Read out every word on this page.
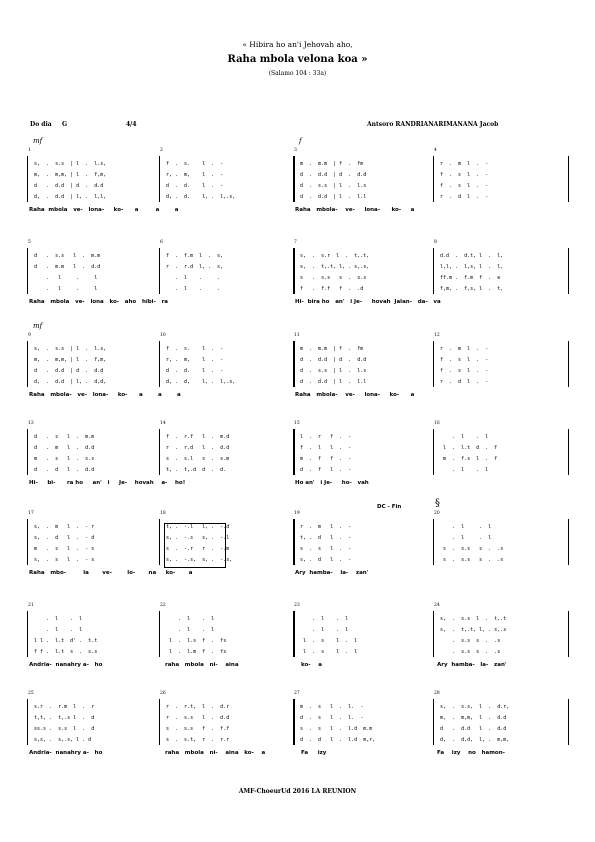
« Hibira ho an'i Jehovah aho,
Raha mbola velona koa »
(Salamo 104 : 33a)
Do dia G	4/4	Antsoro RANDRIANARIMANANA Jacob
1
mf
s,  .  s.s  | l  .  l.s,
m,  .  m,m, | l  .  f,m,
d   .  d.d  | d  .  d.d
d,  .  d.d  | l, .  l,l,
2
f  .  s.    l  .  -
r, .  m,    l  .  -
d  .  d.    l  .  -
d, .  d.    l, .  l,.s,
3
f
m  .  m.m  | f  .  fm
d  .  d.d  | d  .  d.d
d  .  s.s  | l  .  l.s
d  .  d.d  | l  .  l.l
4
r  .  m  l  .  -
f  .  s  l  .  -
f  .  s  l  .  -
r  .  d  l  .  -
Raha  mbola   ve-   lona-     ko-      a         a        a	Raha   mbola-    ve-     lona-      ko-     a
5
d   .  s.s   l  .  m.m
d   .  m.m   l  .  d.d
.   l     .     l
.   l     .     l
6
f  .  f.m  l  .  s,
r  .  r.d  l, .  s,
.  l    .     .
.  l    .     .
7
s,  .  s.r  l  .  t,.t,
s,  .  t,.t, l, . s,.s,
s   .  s.s   s  .  s.s
f   .  f.f   f  .  .d
8
d.d  .  d.t, l  .  l,
l,l, .  l,s, l  .  l,
ff.m .  f.m  f  .  e
f,m, .  f,s, l  .  t,
Raha   mbola   ve-   lona   ko-   aho   hibi-   ra	Hi-  bira ho   an'   i Je-     hovah  Jalan-   da-   va
9
mf
s,  .  s.s  | l  .  l.s,
m,  .  m,m, | l  .  f,m,
d   .  d.d  | d  .  d.d
d,  .  d.d  | l, .  d,d,
10
f  .  s.    l  .  -
r, .  m,    l  .  -
d  .  d.    l  .  -
d, .  d,    l, .  l,.s,
11
m  .  m.m  | f  .  fm
d  .  d.d  | d  .  d.d
d  .  s.s  | l  .  l.s
d  .  d.d  | l  .  l.l
12
r  .  m  l  .  -
f  .  s  l  .  -
f  .  s  l  .  -
r  .  d  l  .  -
Raha   mbola-   ve-   lona-     ko-      a        a        a	Raha   mbola-    ve-     lona-     ko-      a
13
d   .  s   l  .  m.m
d   .  m   l  .  d.d
m   .  s   l  .  s.s
d   .  d   l  .  d.d
14
f  .  r.f   l  .  m.d
r  .  r.d   l  .  d.d
s  .  s.l   s  .  s.m
t, .  t,.d  d  .  d.
15
l  .  r   f  .  -
f  .  l   l  .  -
m  .  f   f  .  -
d  .  f   l  .  -
16
.  l    .  l
l  .  l.t  d  .  f
m  .  f.s  l  .  f
.  l    .  l
Hi-     bi-      ra ho     an'   i     Je-    hovah    a-    ho!	Ho an'   i Je-     ho-   vah
DC - Fin
17
s,  .  m   l  .  - r
s,  .  d   l  .  - d
m   .  s   l  .  - s
s,  .  s   l  .  - s
18
t, .  -.l   l, .  -.d
s, .  -.s   s, .  -.l
s  .  -.r   r  .  -.m
s, .  -.s,  s, .  -.s,
19
r  .  m   l  .  -
t, .  d   l  .  -
s  .  s   l  .  -
s, .  d   l  .  -
20
§
.  l     .  l
.  l     .  l
s  .  s.s   s  .  .s
s  .  s.s   s  .  .s
Raha   mbo-         la       ve-        lo-       na     ko-       a	Ary  hamba-    la-    zan'
21
.  l    .  l
.  l    .  l
l l .  l.t  d' .  t.t
f f .  l.t  s  .  s.s
22
.  l    .  l
.  l    .  l
l  .  l.s  f  .  fs
l  .  l.m  f  .  fs
23
.  l    .  l
.  l    .  l
l  .  s    l  .  l
l  .  s    l  .  l
24
s,  .  s.s  l  .  t,.t
s,  .  t,.t, l, . s,.s
.  s.s  s  .  .s
.  s.s  s  .  .s
Andria-  nanahry a-   ho	raha   mbola   ni-    aina	ko-    a	Ary  hamba-   la-   zan'
25
s.r  .  r.m  l  .  r
t,t, .  t,.s l  .  d
ss.s .  s.s  l  .  d
s,s, .  s,.s, l . d
26
r  .  r.t,  l  .  d.r
r  .  s.s   l  .  d.d
s  .  s.s   f  .  f.f
s  .  s.t,  r  .  r.r
27
m  .  s   l  .  l.  -
d  .  s   l  .  l.  -
s  .  s   l  .  l.d  m.m
d  .  d   l  .  l.d  m,r,
28
s,  .  s.s,  l  .  d.r,
m,  .  m,m,  l  .  d.d
d   .  d.d   l  .  d.d
d,  .  d,d,  l, .  m,m,
Andria-  nanahry a-   ho	raha   mbola   ni-    aina   ko-    a	Fa     izy	Fa    izy    no   hamon-
AMF-ChoeurUd 2016 LA REUNION
